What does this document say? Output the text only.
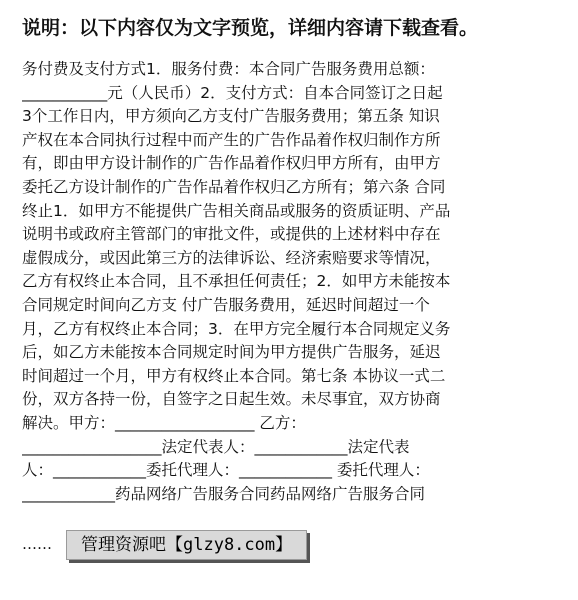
说明：以下内容仅为文字预览，详细内容请下载查看。
务付费及支付方式1．服务付费：本合同广告服务费用总额：
___________元（人民币）2．支付方式：自本合同签订之日起
3个工作日内，甲方须向乙方支付广告服务费用；第五条 知识
产权在本合同执行过程中而产生的广告作品着作权归制作方所
有，即由甲方设计制作的广告作品着作权归甲方所有，由甲方
委托乙方设计制作的广告作品着作权归乙方所有；第六条 合同
终止1．如甲方不能提供广告相关商品或服务的资质证明、产品
说明书或政府主管部门的审批文件，或提供的上述材料中存在
虚假成分，或因此第三方的法律诉讼、经济索赔要求等情况，
乙方有权终止本合同，且不承担任何责任；2．如甲方未能按本
合同规定时间向乙方支 付广告服务费用，延迟时间超过一个
月，乙方有权终止本合同；3．在甲方完全履行本合同规定义务
后，如乙方未能按本合同规定时间为甲方提供广告服务，延迟
时间超过一个月，甲方有权终止本合同。第七条 本协议一式二
份，双方各持一份，自签字之日起生效。未尽事宜，双方协商
解决。甲方：__________________ 乙方：
__________________法定代表人：____________法定代表
人：____________委托代理人：____________ 委托代理人：
____________药品网络广告服务合同药品网络广告服务合同
……	管理资源吧【glzy8.com】
